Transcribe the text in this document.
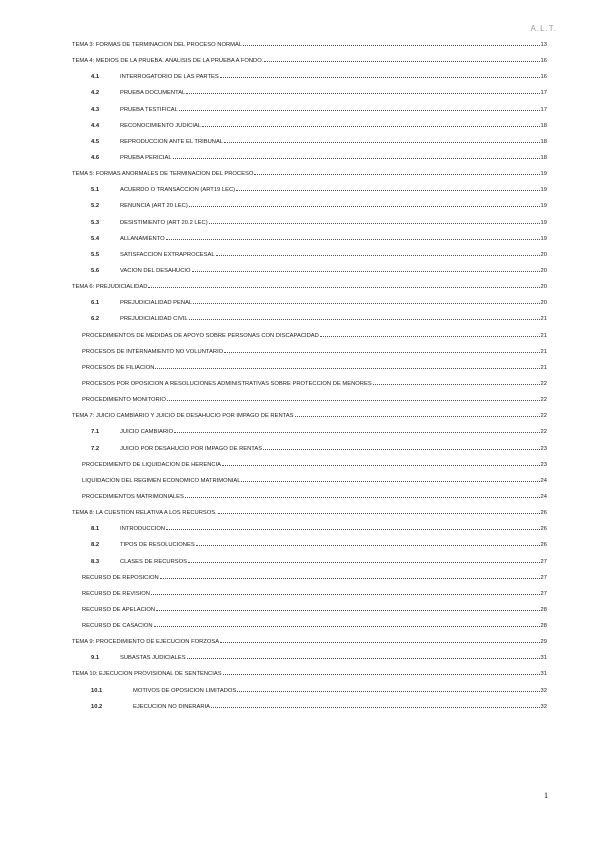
A.L.T.
TEMA 3: FORMAS DE TERMINACION DEL PROCESO NORMAL	13
TEMA 4: MEDIOS DE LA PRUEBA. ANALISIS DE LA PRUEBA A FONDO.	16
4.1	INTERROGATORIO DE LAS PARTES	16
4.2	PRUEBA DOCUMENTAL	17
4.3	PRUEBA TESTIFICAL	17
4.4	RECONOCIMIENTO JUDICIAL	18
4.5	REPRODUCCIÓN ANTE EL TRIBUNAL	18
4.6	PRUEBA PERICIAL	18
TEMA 5: FORMAS ANORMALES DE TERMINACIÓN DEL PROCESO	19
5.1	ACUERDO O TRANSACCIÓN (ART19 LEC)	19
5.2	RENUNCIA (ART 20 LEC)	19
5.3	DESISTIMIENTO (ART 20.2 LEC)	19
5.4	ALLANAMIENTO	19
5.5	SATISFACCIÓN EXTRAPROCESAL	20
5.6	VACIÓN DEL DESAHUCIO	20
TEMA 6: PREJUDICIALIDAD	20
6.1	PREJUDICIALIDAD PENAL	20
6.2	PREJUDICIALIDAD CIVIL	21
PROCEDIMIENTOS DE MEDIDAS DE APOYO SOBRE PERSONAS CON DISCAPACIDAD	21
PROCESOS DE INTERNAMIENTO NO VOLUNTARIO	21
PROCESOS DE FILIACIÓN	21
PROCESOS POR OPOSICIÓN A RESOLUCIONES ADMINISTRATIVAS SOBRE PROTECCIÓN DE MENORES	22
PROCEDIMIENTO MONITORIO	22
TEMA 7: JUICIO CAMBIARIO Y JUICIO DE DESAHUCIO POR IMPAGO DE RENTAS	22
7.1	JUICIO CAMBIARIO	22
7.2	JUICIO POR DESAHUCIO POR IMPAGO DE RENTAS	23
PROCEDIMIENTO DE LIQUIDACIÓN DE HERENCIA	23
LIQUIDACIÓN DEL REGIMEN ECONOMICO MATRIMONIAL	24
PROCEDIMIENTOS MATRIMONIALES	24
TEMA 8: LA CUESTION RELATIVA A LOS RECURSOS.	26
8.1	INTRODUCCIÓN	26
8.2	TIPOS DE RESOLUCIONES	26
8.3	CLASES DE RECURSOS	27
RECURSO DE REPOSICIÓN	27
RECURSO DE REVISIÓN	27
RECURSO DE APELACIÓN	28
RECURSO DE CASACIÓN	28
TEMA 9: PROCEDIMIENTO DE EJECUCIÓN FORZOSA	29
9.1	SUBASTAS JUDICIALES	31
TEMA 10: EJECUCIÓN PROVISIONAL DE SENTENCIAS	31
10.1	MOTIVOS DE OPOSICIÓN LIMITADOS	32
10.2	EJECUCIÓN NO DINERARIA	32
1
